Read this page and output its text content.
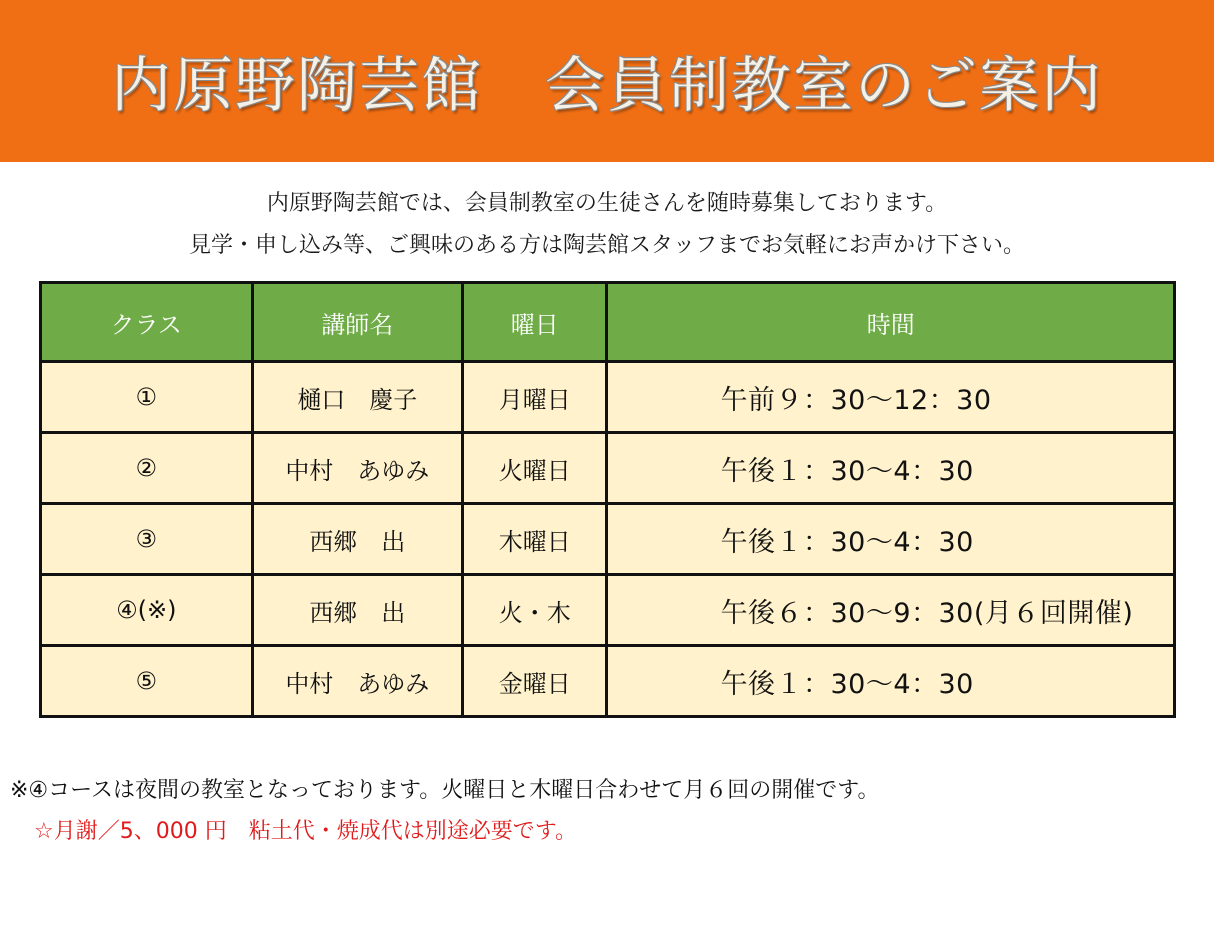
内原野陶芸館　会員制教室のご案内
内原野陶芸館では、会員制教室の生徒さんを随時募集しております。
見学・申し込み等、ご興味のある方は陶芸館スタッフまでお気軽にお声かけ下さい。
クラス	講師名	曜日	時間
①	樋口　慶子	月曜日	午前９：30～12：30
②	中村　あゆみ	火曜日	午後１：30～4：30
③	西郷　出	木曜日	午後１：30～4：30
④(※)	西郷　出	火・木	午後６：30～9：30(月６回開催)
⑤	中村　あゆみ	金曜日	午後１：30～4：30
※④コースは夜間の教室となっております。火曜日と木曜日合わせて月６回の開催です。
☆月謝／5、000 円　粘土代・焼成代は別途必要です。
